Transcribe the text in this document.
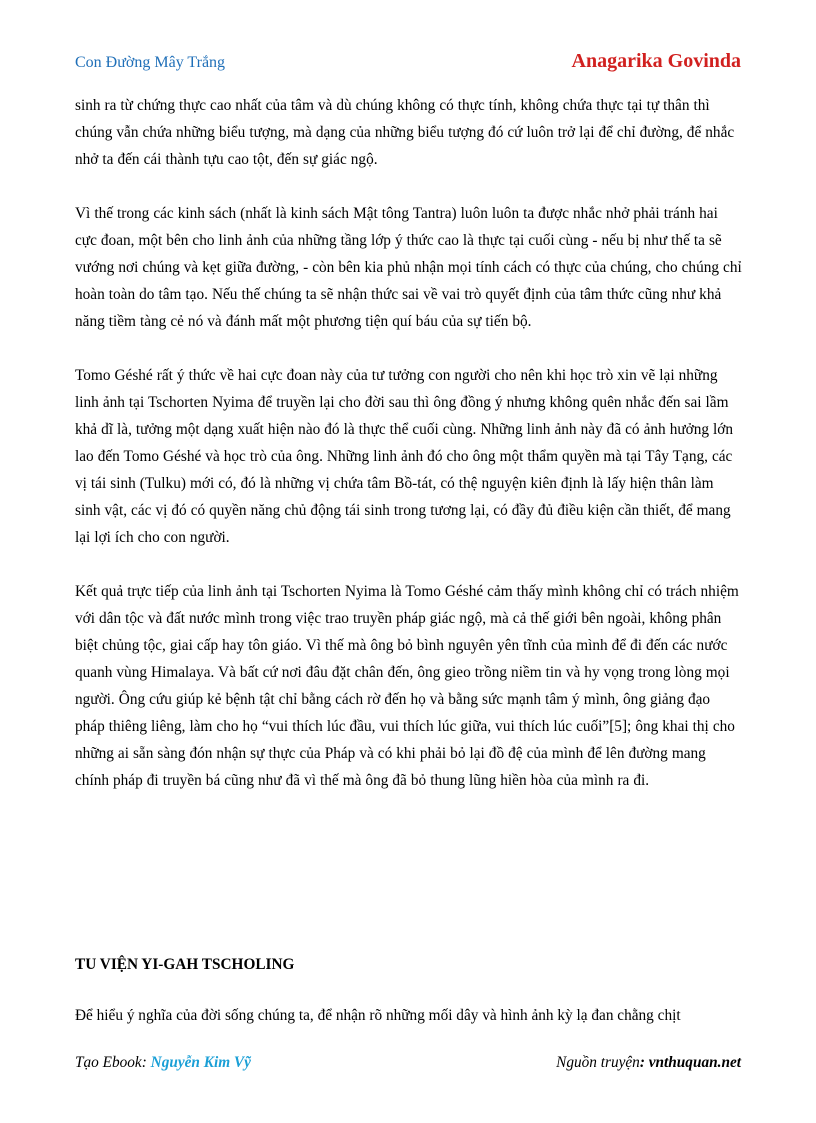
Con Đường Mây Trắng	Anagarika Govinda

sinh ra từ chứng thực cao nhất của tâm và dù chúng không có thực tính, không chứa thực tại tự thân thì chúng vẫn chứa những biểu tượng, mà dạng của những biểu tượng đó cứ luôn trở lại để chỉ đường, để nhắc nhở ta đến cái thành tựu cao tột, đến sự giác ngộ.

Vì thế trong các kinh sách (nhất là kinh sách Mật tông Tantra) luôn luôn ta được nhắc nhở phải tránh hai cực đoan, một bên cho linh ảnh của những tầng lớp ý thức cao là thực tại cuối cùng - nếu bị như thế ta sẽ vướng nơi chúng và kẹt giữa đường, - còn bên kia phủ nhận mọi tính cách có thực của chúng, cho chúng chỉ hoàn toàn do tâm tạo. Nếu thế chúng ta sẽ nhận thức sai về vai trò quyết định của tâm thức cũng như khả năng tiềm tàng cẻ nó và đánh mất một phương tiện quí báu của sự tiến bộ.

Tomo Géshé rất ý thức về hai cực đoan này của tư tưởng con người cho nên khi học trò xin vẽ lại những linh ảnh tại Tschorten Nyima để truyền lại cho đời sau thì ông đồng ý nhưng không quên nhắc đến sai lầm khả dĩ là, tưởng một dạng xuất hiện nào đó là thực thể cuối cùng. Những linh ảnh này đã có ảnh hưởng lớn lao đến Tomo Géshé và học trò của ông. Những linh ảnh đó cho ông một thẩm quyền mà tại Tây Tạng, các vị tái sinh (Tulku) mới có, đó là những vị chứa tâm Bồ-tát, có thệ nguyện kiên định là lấy hiện thân làm sinh vật, các vị đó có quyền năng chủ động tái sinh trong tương lại, có đầy đủ điều kiện cần thiết, để mang lại lợi ích cho con người.

Kết quả trực tiếp của linh ảnh tại Tschorten Nyima là Tomo Géshé cảm thấy mình không chỉ có trách nhiệm với dân tộc và đất nước mình trong việc trao truyền pháp giác ngộ, mà cả thế giới bên ngoài, không phân biệt chủng tộc, giai cấp hay tôn giáo. Vì thế mà ông bỏ bình nguyên yên tĩnh của mình để đi đến các nước quanh vùng Himalaya. Và bất cứ nơi đâu đặt chân đến, ông gieo trồng niềm tin và hy vọng trong lòng mọi người. Ông cứu giúp kẻ bệnh tật chỉ bằng cách rờ đến họ và bằng sức mạnh tâm ý mình, ông giảng đạo pháp thiêng liêng, làm cho họ “vui thích lúc đầu, vui thích lúc giữa, vui thích lúc cuối”[5]; ông khai thị cho những ai sẵn sàng đón nhận sự thực của Pháp và có khi phải bỏ lại đồ đệ của mình để lên đường mang chính pháp đi truyền bá cũng như đã vì thế mà ông đã bỏ thung lũng hiền hòa của mình ra đi.

TU VIỆN YI-GAH TSCHOLING

Để hiểu ý nghĩa của đời sống chúng ta, để nhận rõ những mối dây và hình ảnh kỳ lạ đan chằng chịt

Tạo Ebook: Nguyễn Kim Vỹ	Nguồn truyện: vnthuquan.net
